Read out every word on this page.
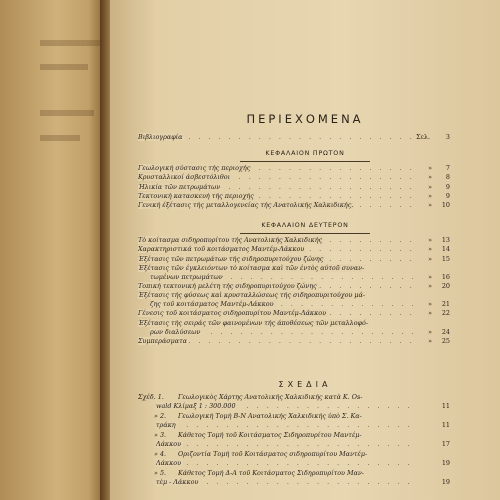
ΠΕΡΙΕΧΟΜΕΝΑ
. . .
Βιβλιογραφία	Σελ.	3
ΚΕΦΑΛΑΙΟΝ ΠΡΩΤΟΝ
ΚΕΦΑΛΑΙΟΝ ΔΕΥΤΕΡΟΝ
ΣΧΕΔΙΑ
. . .
Γεωλογική σύστασις τής περιοχής	»	7
. . .
Κρυσταλλικοί άσβεστόλιθοι	»	8
. . .
Ήλικία τῶν πετρωμάτων	»	9
. . .
Τεκτονική κατασκευή τής περιοχής	»	9
. . .
Γενική έξέτασις τής μεταλλογενείας τής Ανατολικής Χαλκιδικής.	»	10
. . .
Τὸ κοίτασμα σιδηροπυρίτου τής Ανατολικής Χαλκιδικής	»	13
. . .
Χαρακτηριστικά τοῦ κοιτάσματος Μαντέμ-Λάκκου	»	14
. . .
Έξέτασις τῶν πετρωμάτων τής σιδηροπυριτούχου ζώνης	»	15
Έξέτασις τῶν έγκλειόντων τὸ κοίτασμα καὶ τῶν έντὸς αύτοῦ συναν-
. . .
τωμένων πετρωμάτων	»	16
. . .
Τοπική τεκτονική μελέτη τής σιδηροπυριτούχου ζώνης	»	20
Έξέτασις τής φύσεως καὶ κρυσταλλώσεως τής σιδηροπυριτούχου μά-
. . .
ζης τοῦ κοιτάσματος Μαντέμ-Λάκκου	»	21
. . .
Γένεσις τοῦ κοιτάσματος σιδηροπυρίτου Μαντέμ-Λάκκου	»	22
Έξέτασις τής σειράς τῶν φαινομένων τής άποθέσεως τῶν μεταλλοφό-
. . .
ρων διαλύσεων	»	24
. . .
Συμπεράσματα	»	25
Σχέδ. 1. Γεωλογικὸς Χάρτης Ανατολικής Χαλκιδικής κατὰ Κ. Os-
. . .
wald Κλίμαξ 1 : 300.000	11
» 2. Γεωλογική Τομή Β-Ν Ανατολικής Χαλκιδικής ύπὸ Σ. Κα-
. . .
τράκη	11
» 3. Κάθετος Τομή τοῦ Κοιτάσματος Σιδηροπυρίτου Μαντέμ-
. . .
Λάκκου	17
» 4. Οριζοντία Τομή τοῦ Κοιτάσματος σιδηροπυρίτου Μαντέμ-
. . .
Λάκκου	19
» 5. Κάθετος Τομή Δ-Α τοῦ Κοιτάσματος Σιδηροπυρίτου Μαν-
. . .
τὲμ - Λάκκου	19
